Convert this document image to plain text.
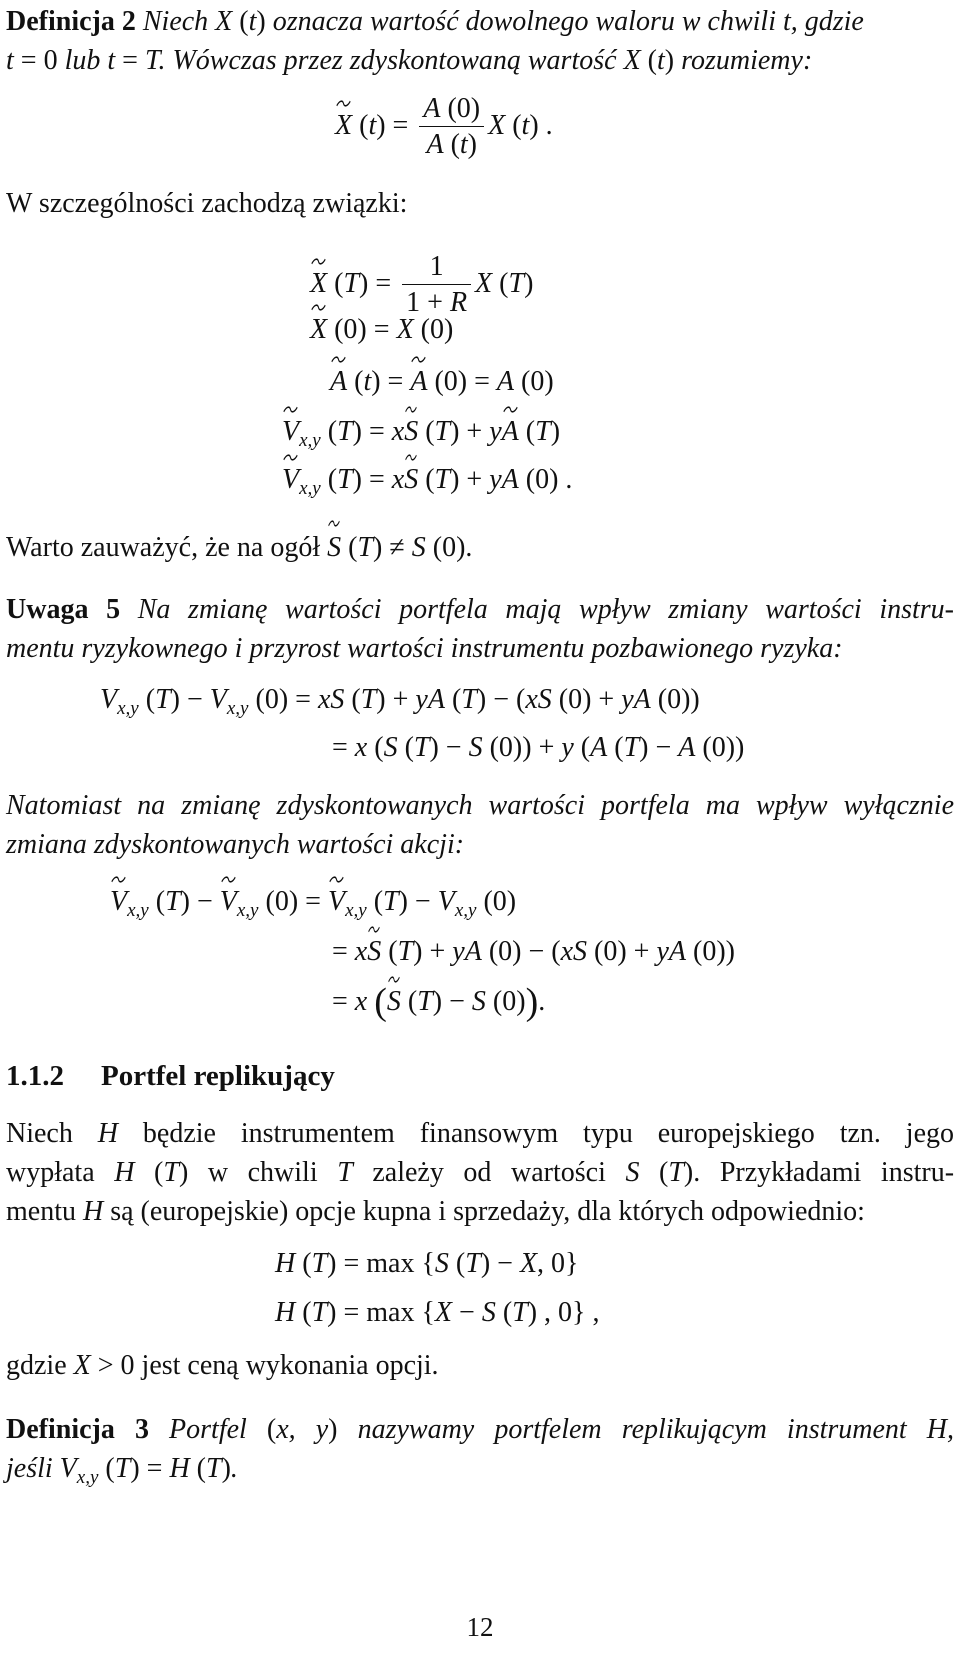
Definicja 2 Niech X (t) oznacza wartość dowolnego waloru w chwili t, gdzie
t = 0 lub t = T. Wówczas przez zdyskontowaną wartość X (t) rozumiemy:

X $(t) = \frac{A (0)}{A (t)}$ X (t) .
W szczególności zachodzą związki:
X $(T) = \frac{1}{1 + R}$ X (T)
X (0) = X (0)
A (t) = A (0) = A (0)
$V_{x,y}$ (T) = xS (T) + yA (T)
$V_{x,y}$ (T) = xS (T) + yA (0) .
Warto zauważyć, że na ogół S (T) ≠ S (0).

Uwaga 5 Na zmianę wartości portfela mają wpływ zmiany wartości instru-

mentu ryzykownego i przyrost wartości instrumentu pozbawionego ryzyka:

$V_{x,y}$ $(T) - V_{x,y}$ (0) = xS (T) + yA (T) − (xS (0) + yA (0))
= x (S (T) − S (0)) + y (A (T) − A (0))

Natomiast na zmianę zdyskontowanych wartości portfela ma wpływ wyłącznie

zmiana zdyskontowanych wartości akcji:

$V_{x,y}$ $(T) - V_{x,y}$ $(0) = V_{x,y}$ $(T) - V_{x,y}$ (0)
= xS (T) + yA (0) − (xS (0) + yA (0))
= x (S (T) − S (0)).
1.1.2 Portfel replikujący

Niech H będzie instrumentem finansowym typu europejskiego tzn. jego

wypłata H (T) w chwili T zależy od wartości S (T). Przykładami instru-

mentu H są (europejskie) opcje kupna i sprzedaży, dla których odpowiednio:

H (T) = max {S (T) − X, 0}
H (T) = max {X − S (T) , 0} ,
gdzie X > 0 jest ceną wykonania opcji.

Definicja 3 Portfel (x, y) nazywamy portfelem replikującym instrument H,

jeśli $V_{x,y}$ (T) = H (T).

12
